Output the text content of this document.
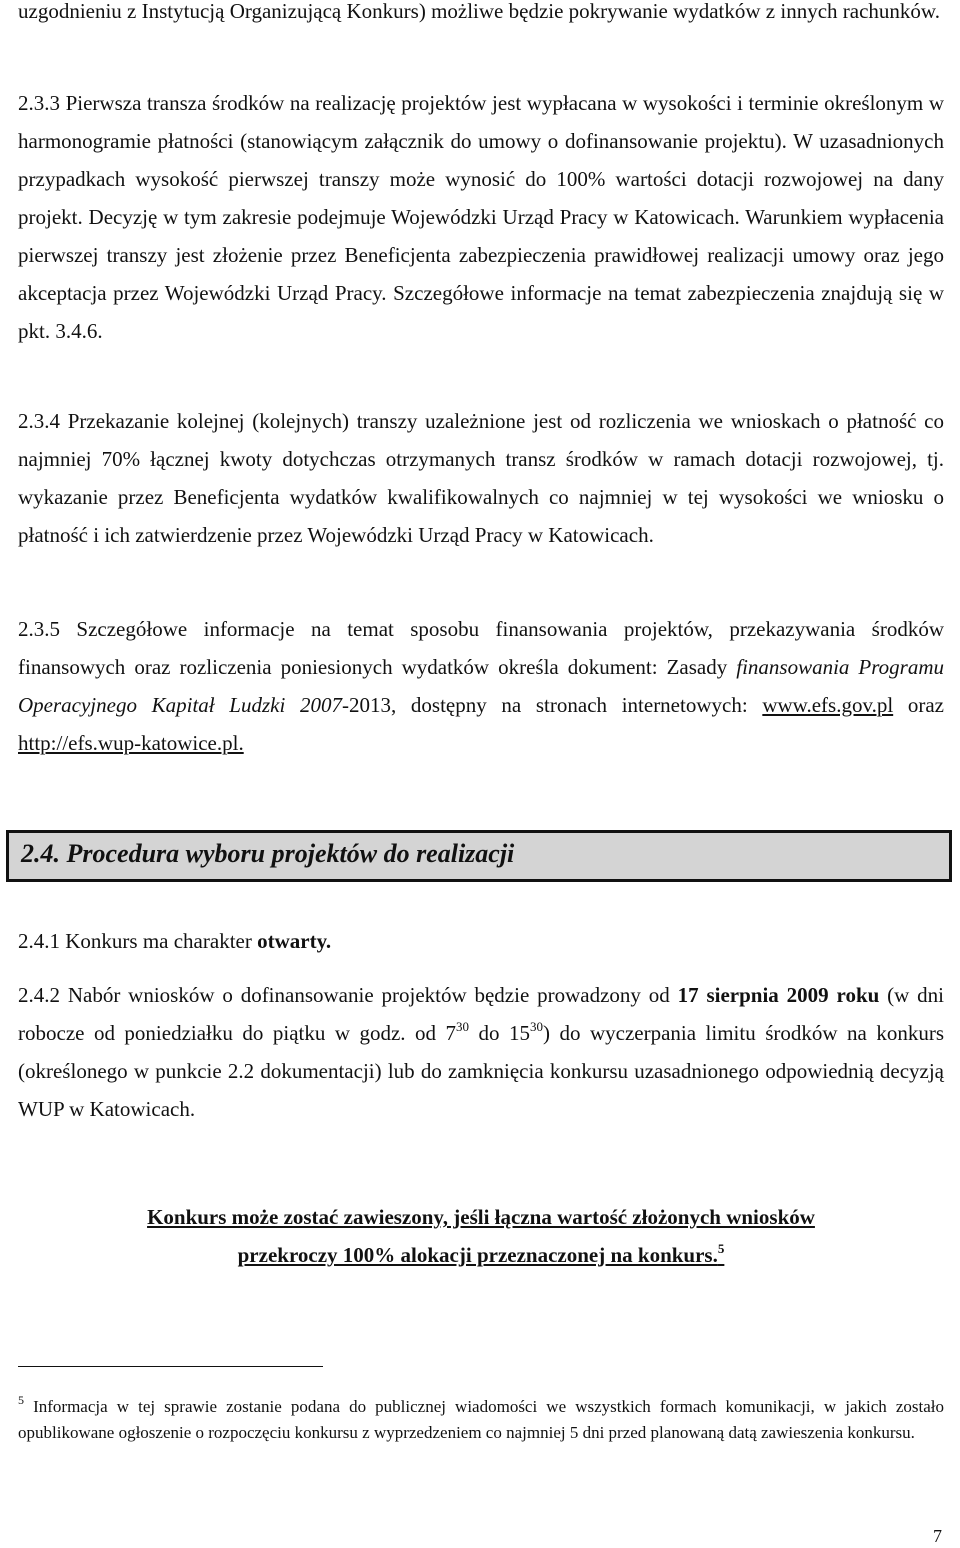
uzgodnieniu z Instytucją Organizującą Konkurs) możliwe będzie pokrywanie wydatków z innych rachunków.

2.3.3 Pierwsza transza środków na realizację projektów jest wypłacana w wysokości i terminie określonym w harmonogramie płatności (stanowiącym załącznik do umowy o dofinansowanie projektu). W uzasadnionych przypadkach wysokość pierwszej transzy może wynosić do 100% wartości dotacji rozwojowej na dany projekt. Decyzję w tym zakresie podejmuje Wojewódzki Urząd Pracy w Katowicach. Warunkiem wypłacenia pierwszej transzy jest złożenie przez Beneficjenta zabezpieczenia prawidłowej realizacji umowy oraz jego akceptacja przez Wojewódzki Urząd Pracy. Szczegółowe informacje na temat zabezpieczenia znajdują się w pkt. 3.4.6.

2.3.4 Przekazanie kolejnej (kolejnych) transzy uzależnione jest od rozliczenia we wnioskach o płatność co najmniej 70% łącznej kwoty dotychczas otrzymanych transz środków w ramach dotacji rozwojowej, tj. wykazanie przez Beneficjenta wydatków kwalifikowalnych co najmniej w tej wysokości we wniosku o płatność i ich zatwierdzenie przez Wojewódzki Urząd Pracy w Katowicach.

2.3.5 Szczegółowe informacje na temat sposobu finansowania projektów, przekazywania środków finansowych oraz rozliczenia poniesionych wydatków określa dokument: Zasady finansowania Programu Operacyjnego Kapitał Ludzki 2007-2013, dostępny na stronach internetowych: www.efs.gov.pl oraz http://efs.wup-katowice.pl.

2.4. Procedura wyboru projektów do realizacji

2.4.1 Konkurs ma charakter otwarty.

2.4.2 Nabór wniosków o dofinansowanie projektów będzie prowadzony od 17 sierpnia 2009 roku (w dni robocze od poniedziałku do piątku w godz. od $7^{30}$ do $15^{30}$) do wyczerpania limitu środków na konkurs (określonego w punkcie 2.2 dokumentacji) lub do zamknięcia konkursu uzasadnionego odpowiednią decyzją WUP w Katowicach.

Konkurs może zostać zawieszony, jeśli łączna wartość złożonych wniosków
przekroczy 100% alokacji przeznaczonej na konkurs.$^5$

$^5$ Informacja w tej sprawie zostanie podana do publicznej wiadomości we wszystkich formach komunikacji, w jakich zostało opublikowane ogłoszenie o rozpoczęciu konkursu z wyprzedzeniem co najmniej 5 dni przed planowaną datą zawieszenia konkursu.

7
